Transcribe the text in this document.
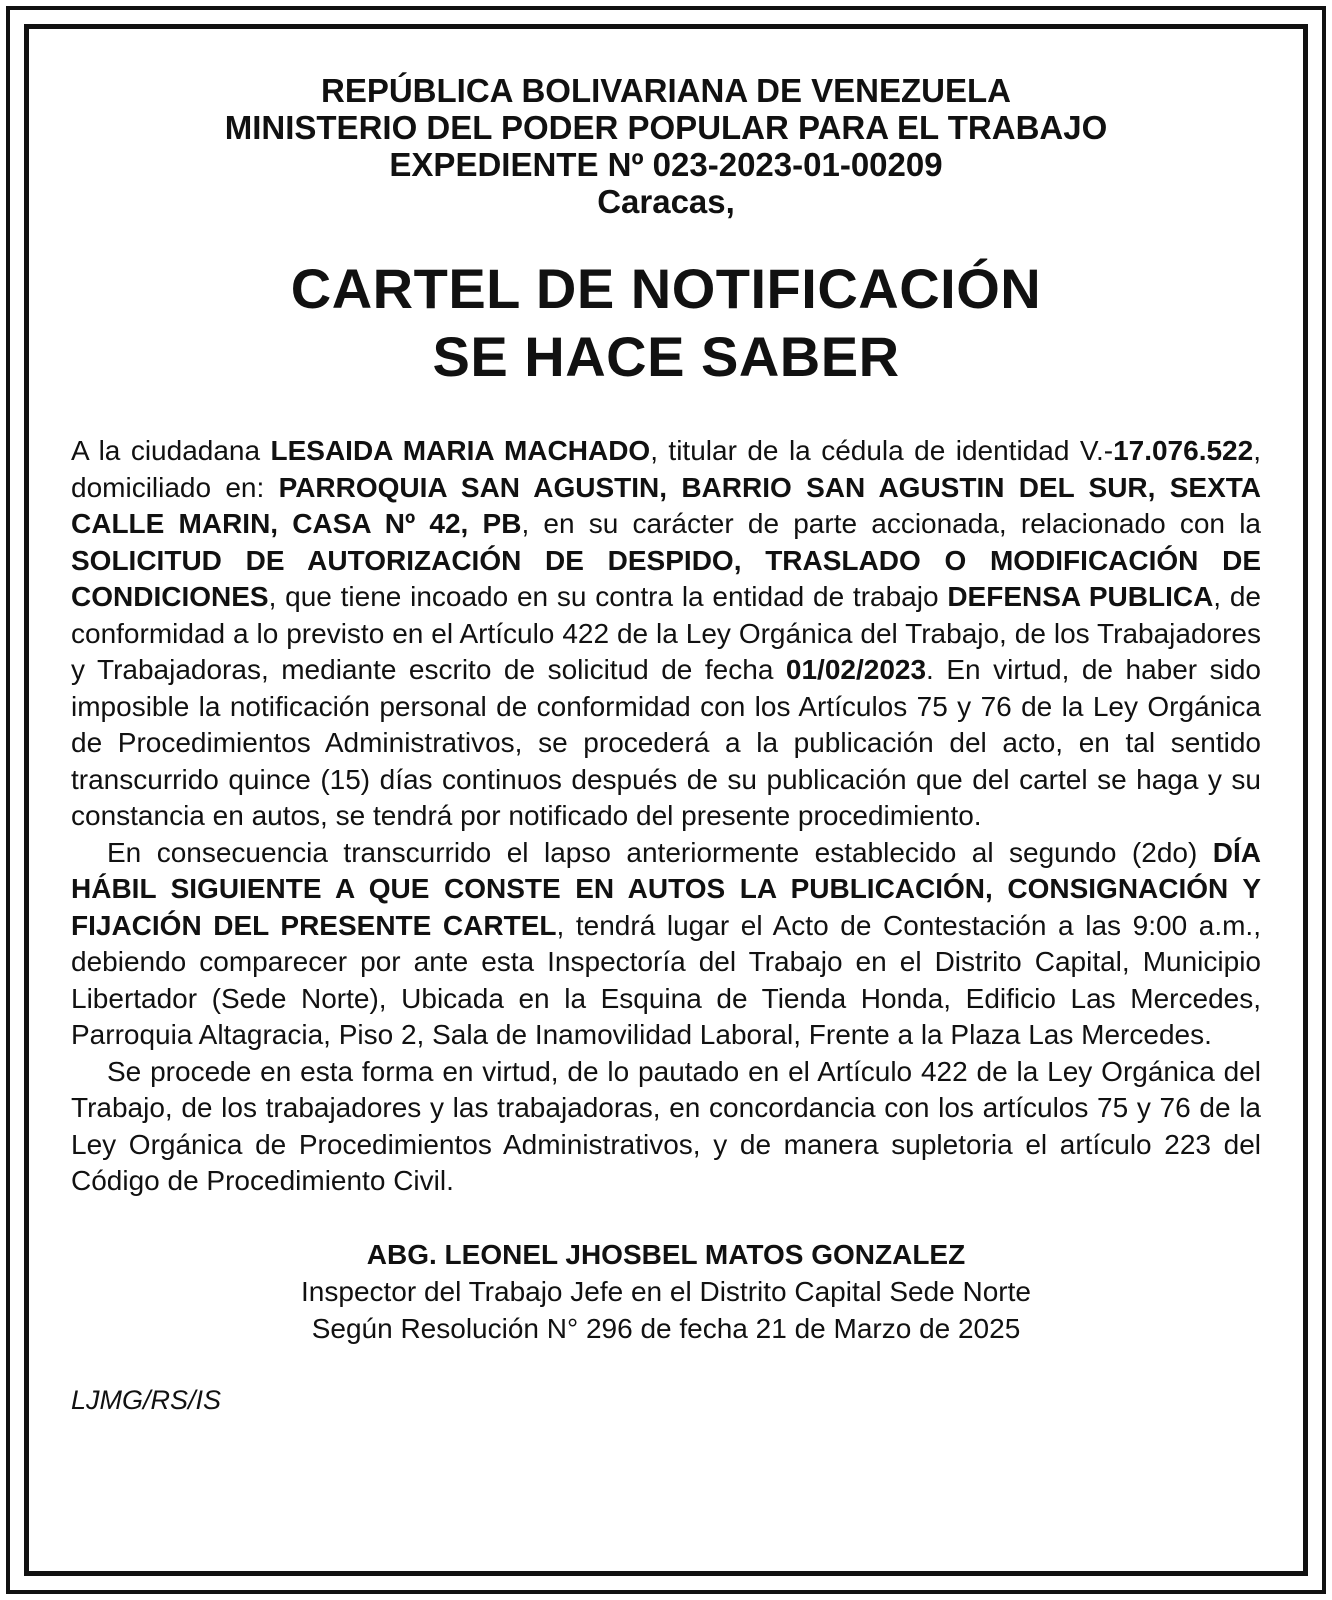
REPÚBLICA BOLIVARIANA DE VENEZUELA
MINISTERIO DEL PODER POPULAR PARA EL TRABAJO
EXPEDIENTE Nº 023-2023-01-00209
Caracas,
CARTEL DE NOTIFICACIÓN
SE HACE SABER

A la ciudadana LESAIDA MARIA MACHADO, titular de la cédula de identidad V.-17.076.522, domiciliado en: PARROQUIA SAN AGUSTIN, BARRIO SAN AGUSTIN DEL SUR, SEXTA CALLE MARIN, CASA Nº 42, PB, en su carácter de parte accionada, relacionado con la SOLICITUD DE AUTORIZACIÓN DE DESPIDO, TRASLADO O MODIFICACIÓN DE CONDICIONES, que tiene incoado en su contra la entidad de trabajo DEFENSA PUBLICA, de conformidad a lo previsto en el Artículo 422 de la Ley Orgánica del Trabajo, de los Trabajadores y Trabajadoras, mediante escrito de solicitud de fecha 01/02/2023. En virtud, de haber sido imposible la notificación personal de conformidad con los Artículos 75 y 76 de la Ley Orgánica de Procedimientos Administrativos, se procederá a la publicación del acto, en tal sentido transcurrido quince (15) días continuos después de su publicación que del cartel se haga y su constancia en autos, se tendrá por notificado del presente procedimiento.

En consecuencia transcurrido el lapso anteriormente establecido al segundo (2do) DÍA HÁBIL SIGUIENTE A QUE CONSTE EN AUTOS LA PUBLICACIÓN, CONSIGNACIÓN Y FIJACIÓN DEL PRESENTE CARTEL, tendrá lugar el Acto de Contestación a las 9:00 a.m., debiendo comparecer por ante esta Inspectoría del Trabajo en el Distrito Capital, Municipio Libertador (Sede Norte), Ubicada en la Esquina de Tienda Honda, Edificio Las Mercedes, Parroquia Altagracia, Piso 2, Sala de Inamovilidad Laboral, Frente a la Plaza Las Mercedes.

Se procede en esta forma en virtud, de lo pautado en el Artículo 422 de la Ley Orgánica del Trabajo, de los trabajadores y las trabajadoras, en concordancia con los artículos 75 y 76 de la Ley Orgánica de Procedimientos Administrativos, y de manera supletoria el artículo 223 del Código de Procedimiento Civil.

ABG. LEONEL JHOSBEL MATOS GONZALEZ
Inspector del Trabajo Jefe en el Distrito Capital Sede Norte
Según Resolución N° 296 de fecha 21 de Marzo de 2025
LJMG/RS/IS
